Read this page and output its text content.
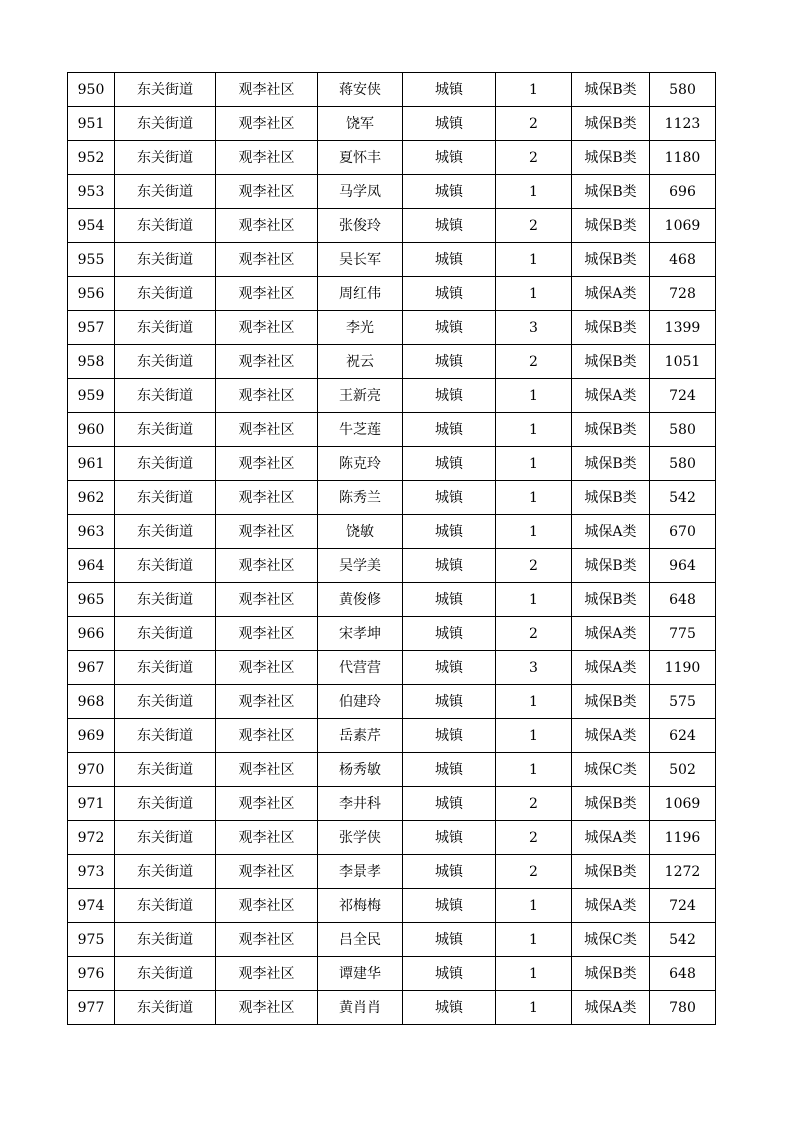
950	东关街道	观李社区	蒋安侠	城镇	1	城保B类	580
951	东关街道	观李社区	饶军	城镇	2	城保B类	1123
952	东关街道	观李社区	夏怀丰	城镇	2	城保B类	1180
953	东关街道	观李社区	马学凤	城镇	1	城保B类	696
954	东关街道	观李社区	张俊玲	城镇	2	城保B类	1069
955	东关街道	观李社区	吴长军	城镇	1	城保B类	468
956	东关街道	观李社区	周红伟	城镇	1	城保A类	728
957	东关街道	观李社区	李光	城镇	3	城保B类	1399
958	东关街道	观李社区	祝云	城镇	2	城保B类	1051
959	东关街道	观李社区	王新亮	城镇	1	城保A类	724
960	东关街道	观李社区	牛芝莲	城镇	1	城保B类	580
961	东关街道	观李社区	陈克玲	城镇	1	城保B类	580
962	东关街道	观李社区	陈秀兰	城镇	1	城保B类	542
963	东关街道	观李社区	饶敏	城镇	1	城保A类	670
964	东关街道	观李社区	吴学美	城镇	2	城保B类	964
965	东关街道	观李社区	黄俊修	城镇	1	城保B类	648
966	东关街道	观李社区	宋孝坤	城镇	2	城保A类	775
967	东关街道	观李社区	代营营	城镇	3	城保A类	1190
968	东关街道	观李社区	伯建玲	城镇	1	城保B类	575
969	东关街道	观李社区	岳素芹	城镇	1	城保A类	624
970	东关街道	观李社区	杨秀敏	城镇	1	城保C类	502
971	东关街道	观李社区	李井科	城镇	2	城保B类	1069
972	东关街道	观李社区	张学侠	城镇	2	城保A类	1196
973	东关街道	观李社区	李景孝	城镇	2	城保B类	1272
974	东关街道	观李社区	祁梅梅	城镇	1	城保A类	724
975	东关街道	观李社区	吕全民	城镇	1	城保C类	542
976	东关街道	观李社区	谭建华	城镇	1	城保B类	648
977	东关街道	观李社区	黄肖肖	城镇	1	城保A类	780
